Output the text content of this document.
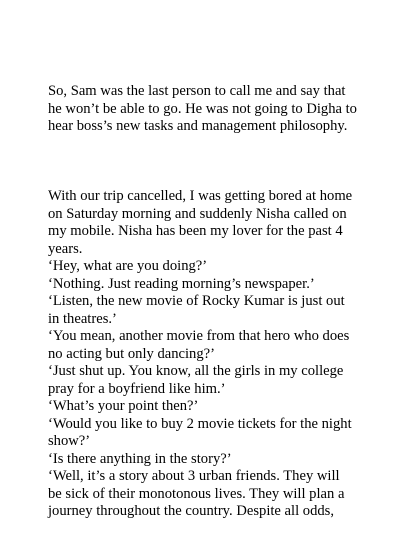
So, Sam was the last person to call me and say that
he won’t be able to go. He was not going to Digha to
hear boss’s new tasks and management philosophy.
With our trip cancelled, I was getting bored at home
on Saturday morning and suddenly Nisha called on
my mobile. Nisha has been my lover for the past 4
years.
‘Hey, what are you doing?’
‘Nothing. Just reading morning’s newspaper.’
‘Listen, the new movie of Rocky Kumar is just out
in theatres.’
‘You mean, another movie from that hero who does
no acting but only dancing?’
‘Just shut up. You know, all the girls in my college
pray for a boyfriend like him.’
‘What’s your point then?’
‘Would you like to buy 2 movie tickets for the night
show?’
‘Is there anything in the story?’
‘Well, it’s a story about 3 urban friends. They will
be sick of their monotonous lives. They will plan a
journey throughout the country. Despite all odds,
